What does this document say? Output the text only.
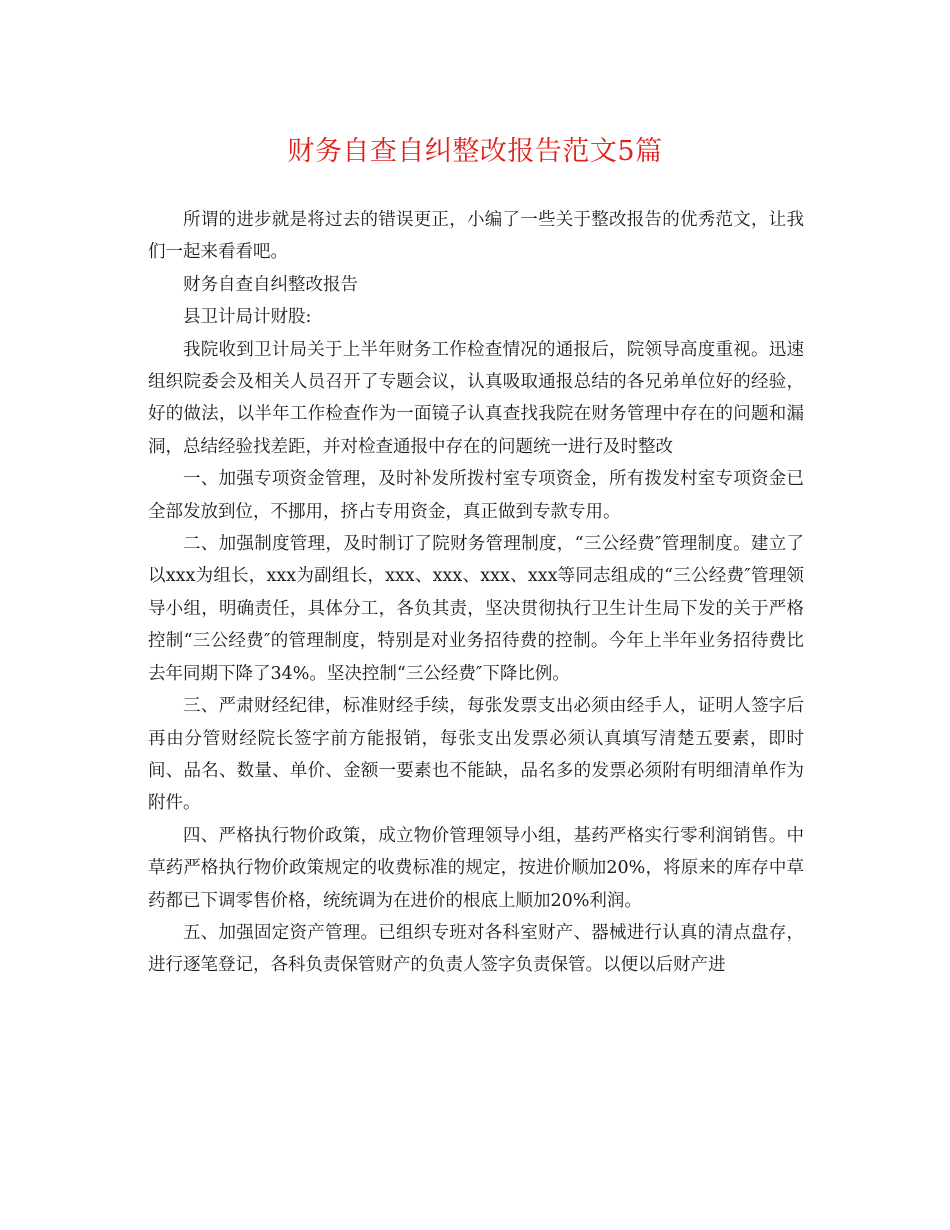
财务自查自纠整改报告范文5篇

所谓的进步就是将过去的错误更正，小编了一些关于整改报告的优秀范文，让我们一起来看看吧。

财务自查自纠整改报告

县卫计局计财股:

我院收到卫计局关于上半年财务工作检查情况的通报后，院领导高度重视。迅速组织院委会及相关人员召开了专题会议，认真吸取通报总结的各兄弟单位好的经验，好的做法，以半年工作检查作为一面镜子认真查找我院在财务管理中存在的问题和漏洞，总结经验找差距，并对检查通报中存在的问题统一进行及时整改

一、加强专项资金管理，及时补发所拨村室专项资金，所有拨发村室专项资金已全部发放到位，不挪用，挤占专用资金，真正做到专款专用。

二、加强制度管理，及时制订了院财务管理制度，“三公经费″管理制度。建立了以xxx为组长，xxx为副组长，xxx、xxx、xxx、xxx等同志组成的“三公经费″管理领导小组，明确责任，具体分工，各负其责，坚决贯彻执行卫生计生局下发的关于严格控制“三公经费″的管理制度，特别是对业务招待费的控制。今年上半年业务招待费比去年同期下降了34%。坚决控制“三公经费″下降比例。

三、严肃财经纪律，标准财经手续，每张发票支出必须由经手人，证明人签字后再由分管财经院长签字前方能报销，每张支出发票必须认真填写清楚五要素，即时间、品名、数量、单价、金额一要素也不能缺，品名多的发票必须附有明细清单作为附件。

四、严格执行物价政策，成立物价管理领导小组，基药严格实行零利润销售。中草药严格执行物价政策规定的收费标准的规定，按进价顺加20%，将原来的库存中草药都已下调零售价格，统统调为在进价的根底上顺加20%利润。

五、加强固定资产管理。已组织专班对各科室财产、器械进行认真的清点盘存，进行逐笔登记，各科负责保管财产的负责人签字负责保管。以便以后财产进
